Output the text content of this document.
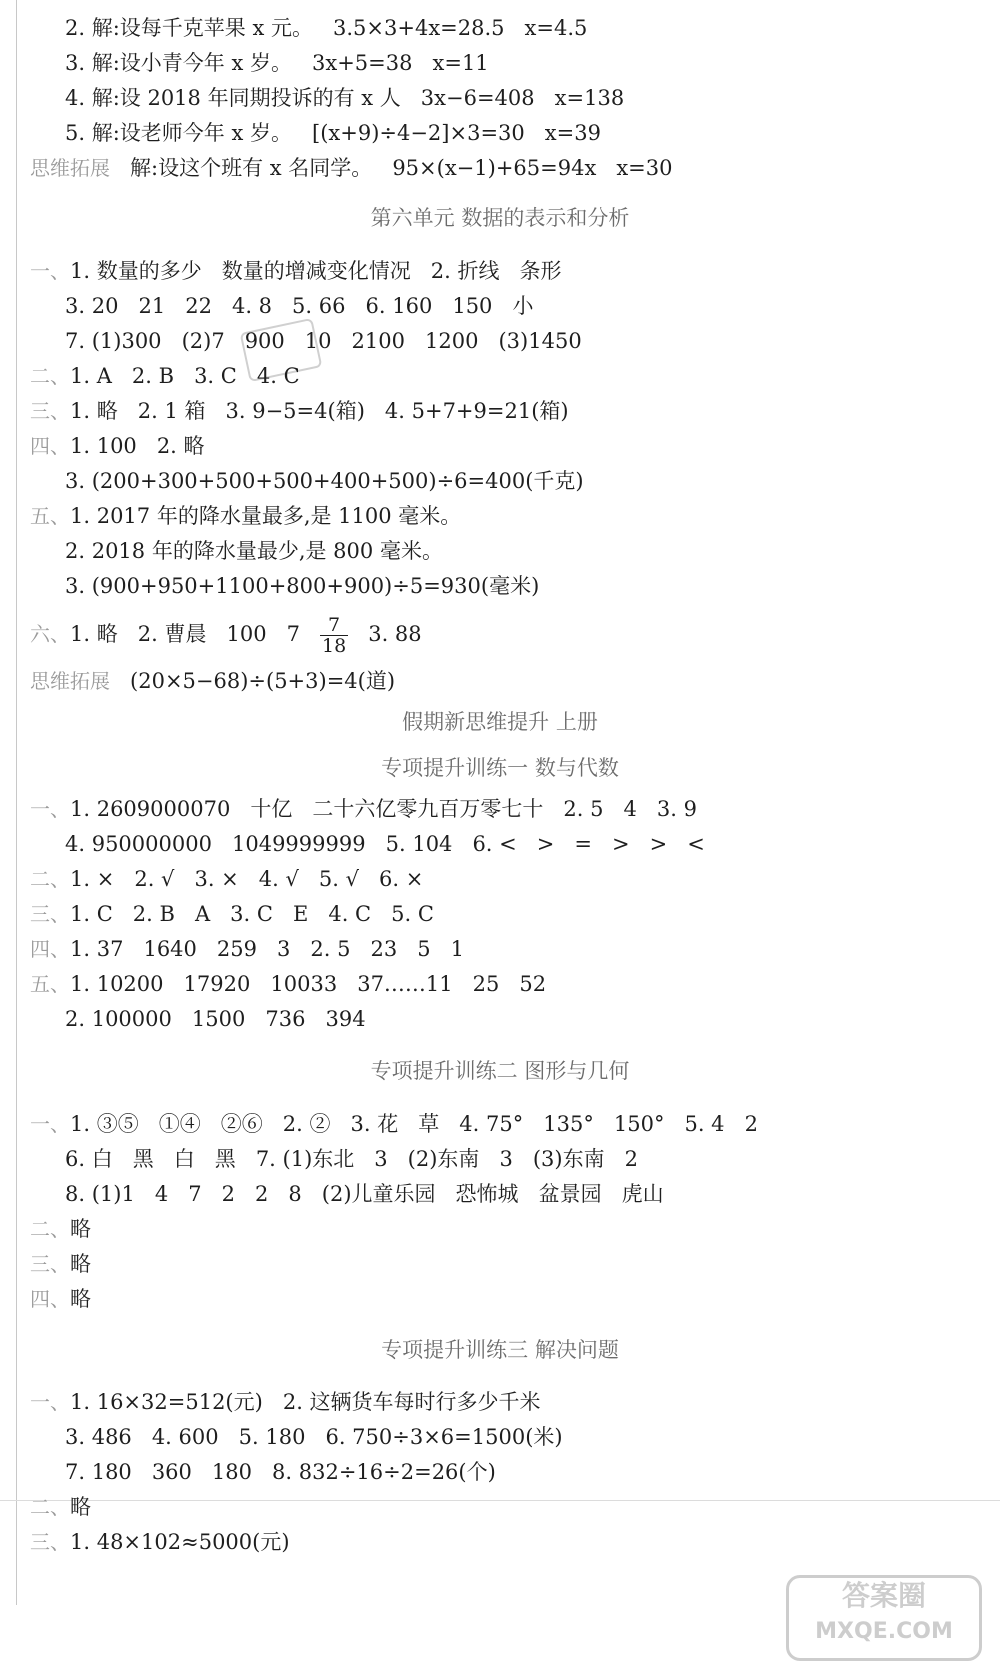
2. 解:设每千克苹果 x 元。   3.5×3+4x=28.5   x=4.5
3. 解:设小青今年 x 岁。   3x+5=38   x=11
4. 解:设 2018 年同期投诉的有 x 人   3x−6=408   x=138
5. 解:设老师今年 x 岁。   [(x+9)÷4−2]×3=30   x=39
思维拓展 解:设这个班有 x 名同学。   95×(x−1)+65=94x   x=30
第六单元 数据的表示和分析
一、1. 数量的多少   数量的增减变化情况   2. 折线   条形
3. 20   21   22   4. 8   5. 66   6. 160   150   小
7. (1)300   (2)7   900   10   2100   1200   (3)1450
二、1. A   2. B   3. C   4. C
三、1. 略   2. 1 箱   3. 9−5=4(箱)   4. 5+7+9=21(箱)
四、1. 100   2. 略
3. (200+300+500+500+400+500)÷6=400(千克)
五、1. 2017 年的降水量最多,是 1100 毫米。
2. 2018 年的降水量最少,是 800 毫米。
3. (900+950+1100+800+900)÷5=930(毫米)
六、1. 略   2. 曹晨   100   $7 \frac{7}{18} 3$. 88
思维拓展 (20×5−68)÷(5+3)=4(道)
假期新思维提升 上册
专项提升训练一 数与代数
一、1. 2609000070   十亿   二十六亿零九百万零七十   2. 5   4   3. 9
4. 950000000   1049999999   5. 104   6. <   >   =   >   >   <
二、1. ×   2. √   3. ×   4. √   5. √   6. ×
三、1. C   2. B   A   3. C   E   4. C   5. C
四、1. 37   1640   259   3   2. 5   23   5   1
五、1. 10200   17920   10033   37……11   25   52
2. 100000   1500   736   394
专项提升训练二 图形与几何
一、1. ③⑤   ①④   ②⑥   2. ②   3. 花   草   4. 75°   135°   150°   5. 4   2
6. 白   黑   白   黑   7. (1)东北   3   (2)东南   3   (3)东南   2
8. (1)1   4   7   2   2   8   (2)儿童乐园   恐怖城   盆景园   虎山
二、略
三、略
四、略
专项提升训练三 解决问题
一、1. 16×32=512(元)   2. 这辆货车每时行多少千米
3. 486   4. 600   5. 180   6. 750÷3×6=1500(米)
7. 180   360   180   8. 832÷16÷2=26(个)
二、略
三、1. 48×102≈5000(元)
答案圈
MXQE.COM
